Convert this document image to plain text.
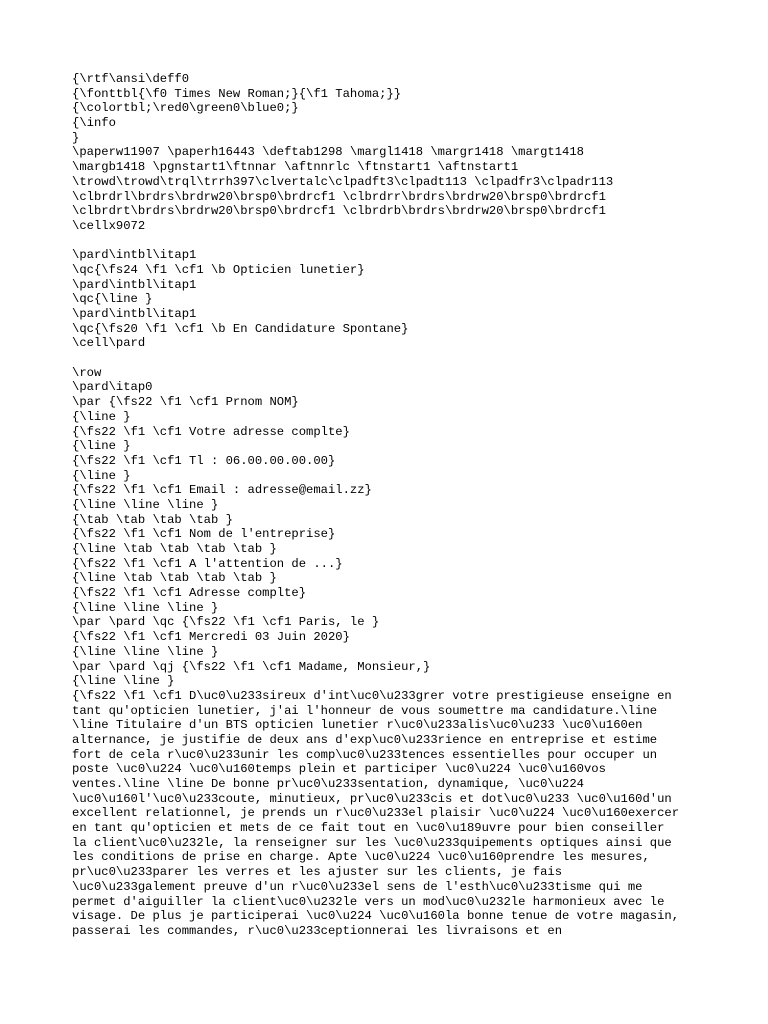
{\rtf\ansi\deff0
{\fonttbl{\f0 Times New Roman;}{\f1 Tahoma;}}
{\colortbl;\red0\green0\blue0;}
{\info
}
\paperw11907 \paperh16443 \deftab1298 \margl1418 \margr1418 \margt1418
\margb1418 \pgnstart1\ftnnar \aftnnrlc \ftnstart1 \aftnstart1
\trowd\trowd\trql\trrh397\clvertalc\clpadft3\clpadt113 \clpadfr3\clpadr113
\clbrdrl\brdrs\brdrw20\brsp0\brdrcf1 \clbrdrr\brdrs\brdrw20\brsp0\brdrcf1
\clbrdrt\brdrs\brdrw20\brsp0\brdrcf1 \clbrdrb\brdrs\brdrw20\brsp0\brdrcf1
\cellx9072
\pard\intbl\itap1
\qc{\fs24 \f1 \cf1 \b Opticien lunetier}
\pard\intbl\itap1
\qc{\line }
\pard\intbl\itap1
\qc{\fs20 \f1 \cf1 \b En Candidature Spontane}
\cell\pard
\row
\pard\itap0
\par {\fs22 \f1 \cf1 Prnom NOM}
{\line }
{\fs22 \f1 \cf1 Votre adresse complte}
{\line }
{\fs22 \f1 \cf1 Tl : 06.00.00.00.00}
{\line }
{\fs22 \f1 \cf1 Email : adresse@email.zz}
{\line \line \line }
{\tab \tab \tab \tab }
{\fs22 \f1 \cf1 Nom de l'entreprise}
{\line \tab \tab \tab \tab }
{\fs22 \f1 \cf1 A l'attention de ...}
{\line \tab \tab \tab \tab }
{\fs22 \f1 \cf1 Adresse complte}
{\line \line \line }
\par \pard \qc {\fs22 \f1 \cf1 Paris, le }
{\fs22 \f1 \cf1 Mercredi 03 Juin 2020}
{\line \line \line }
\par \pard \qj {\fs22 \f1 \cf1 Madame, Monsieur,}
{\line \line }
{\fs22 \f1 \cf1 D\uc0\u233sireux d'int\uc0\u233grer votre prestigieuse enseigne en
tant qu'opticien lunetier, j'ai l'honneur de vous soumettre ma candidature.\line
\line Titulaire d'un BTS opticien lunetier r\uc0\u233alis\uc0\u233 \uc0\u160en
alternance, je justifie de deux ans d'exp\uc0\u233rience en entreprise et estime
fort de cela r\uc0\u233unir les comp\uc0\u233tences essentielles pour occuper un
poste \uc0\u224 \uc0\u160temps plein et participer \uc0\u224 \uc0\u160vos
ventes.\line \line De bonne pr\uc0\u233sentation, dynamique, \uc0\u224
\uc0\u160l'\uc0\u233coute, minutieux, pr\uc0\u233cis et dot\uc0\u233 \uc0\u160d'un
excellent relationnel, je prends un r\uc0\u233el plaisir \uc0\u224 \uc0\u160exercer
en tant qu'opticien et mets de ce fait tout en \uc0\u189uvre pour bien conseiller
la client\uc0\u232le, la renseigner sur les \uc0\u233quipements optiques ainsi que
les conditions de prise en charge. Apte \uc0\u224 \uc0\u160prendre les mesures,
pr\uc0\u233parer les verres et les ajuster sur les clients, je fais
\uc0\u233galement preuve d'un r\uc0\u233el sens de l'esth\uc0\u233tisme qui me
permet d'aiguiller la client\uc0\u232le vers un mod\uc0\u232le harmonieux avec le
visage. De plus je participerai \uc0\u224 \uc0\u160la bonne tenue de votre magasin,
passerai les commandes, r\uc0\u233ceptionnerai les livraisons et en
